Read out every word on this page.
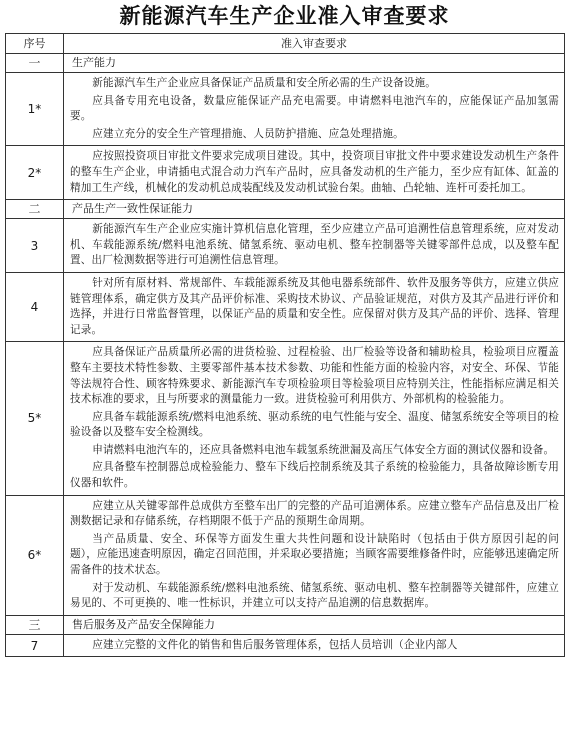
新能源汽车生产企业准入审查要求
序号	准入审查要求
一	生产能力
1*	新能源汽车生产企业应具备保证产品质量和安全所必需的生产设备设施。

应具备专用充电设备，数量应能保证产品充电需要。申请燃料电池汽车的，应能保证产品加氢需要。

应建立充分的安全生产管理措施、人员防护措施、应急处理措施。

2*	应按照投资项目审批文件要求完成项目建设。其中，投资项目审批文件中要求建设发动机生产条件的整车生产企业，申请插电式混合动力汽车产品时，应具备发动机的生产能力，至少应有缸体、缸盖的精加工生产线，机械化的发动机总成装配线及发动机试验台架。曲轴、凸轮轴、连杆可委托加工。

二	产品生产一致性保证能力
3	新能源汽车生产企业应实施计算机信息化管理，至少应建立产品可追溯性信息管理系统，应对发动机、车载能源系统/燃料电池系统、储氢系统、驱动电机、整车控制器等关键零部件总成，以及整车配置、出厂检测数据等进行可追溯性信息管理。

4	针对所有原材料、常规部件、车载能源系统及其他电器系统部件、软件及服务等供方，应建立供应链管理体系，确定供方及其产品评价标准、采购技术协议、产品验证规范，对供方及其产品进行评价和选择，并进行日常监督管理，以保证产品的质量和安全性。应保留对供方及其产品的评价、选择、管理记录。

5*	应具备保证产品质量所必需的进货检验、过程检验、出厂检验等设备和辅助检具，检验项目应覆盖整车主要技术特性参数、主要零部件基本技术参数、功能和性能方面的检验内容，对安全、环保、节能等法规符合性、顾客特殊要求、新能源汽车专项检验项目等检验项目应特别关注，性能指标应满足相关技术标准的要求，且与所要求的测量能力一致。进货检验可利用供方、外部机构的检验能力。

应具备车载能源系统/燃料电池系统、驱动系统的电气性能与安全、温度、储氢系统安全等项目的检验设备以及整车安全检测线。

申请燃料电池汽车的，还应具备燃料电池车载氢系统泄漏及高压气体安全方面的测试仪器和设备。

应具备整车控制器总成检验能力、整车下线后控制系统及其子系统的检验能力，具备故障诊断专用仪器和软件。

6*	应建立从关键零部件总成供方至整车出厂的完整的产品可追溯体系。应建立整车产品信息及出厂检测数据记录和存储系统，存档期限不低于产品的预期生命周期。

当产品质量、安全、环保等方面发生重大共性问题和设计缺陷时（包括由于供方原因引起的问题），应能迅速查明原因，确定召回范围，并采取必要措施；当顾客需要维修备件时，应能够迅速确定所需备件的技术状态。

对于发动机、车载能源系统/燃料电池系统、储氢系统、驱动电机、整车控制器等关键部件，应建立易见的、不可更换的、唯一性标识，并建立可以支持产品追溯的信息数据库。

三	售后服务及产品安全保障能力
7	应建立完整的文件化的销售和售后服务管理体系，包括人员培训（企业内部人
